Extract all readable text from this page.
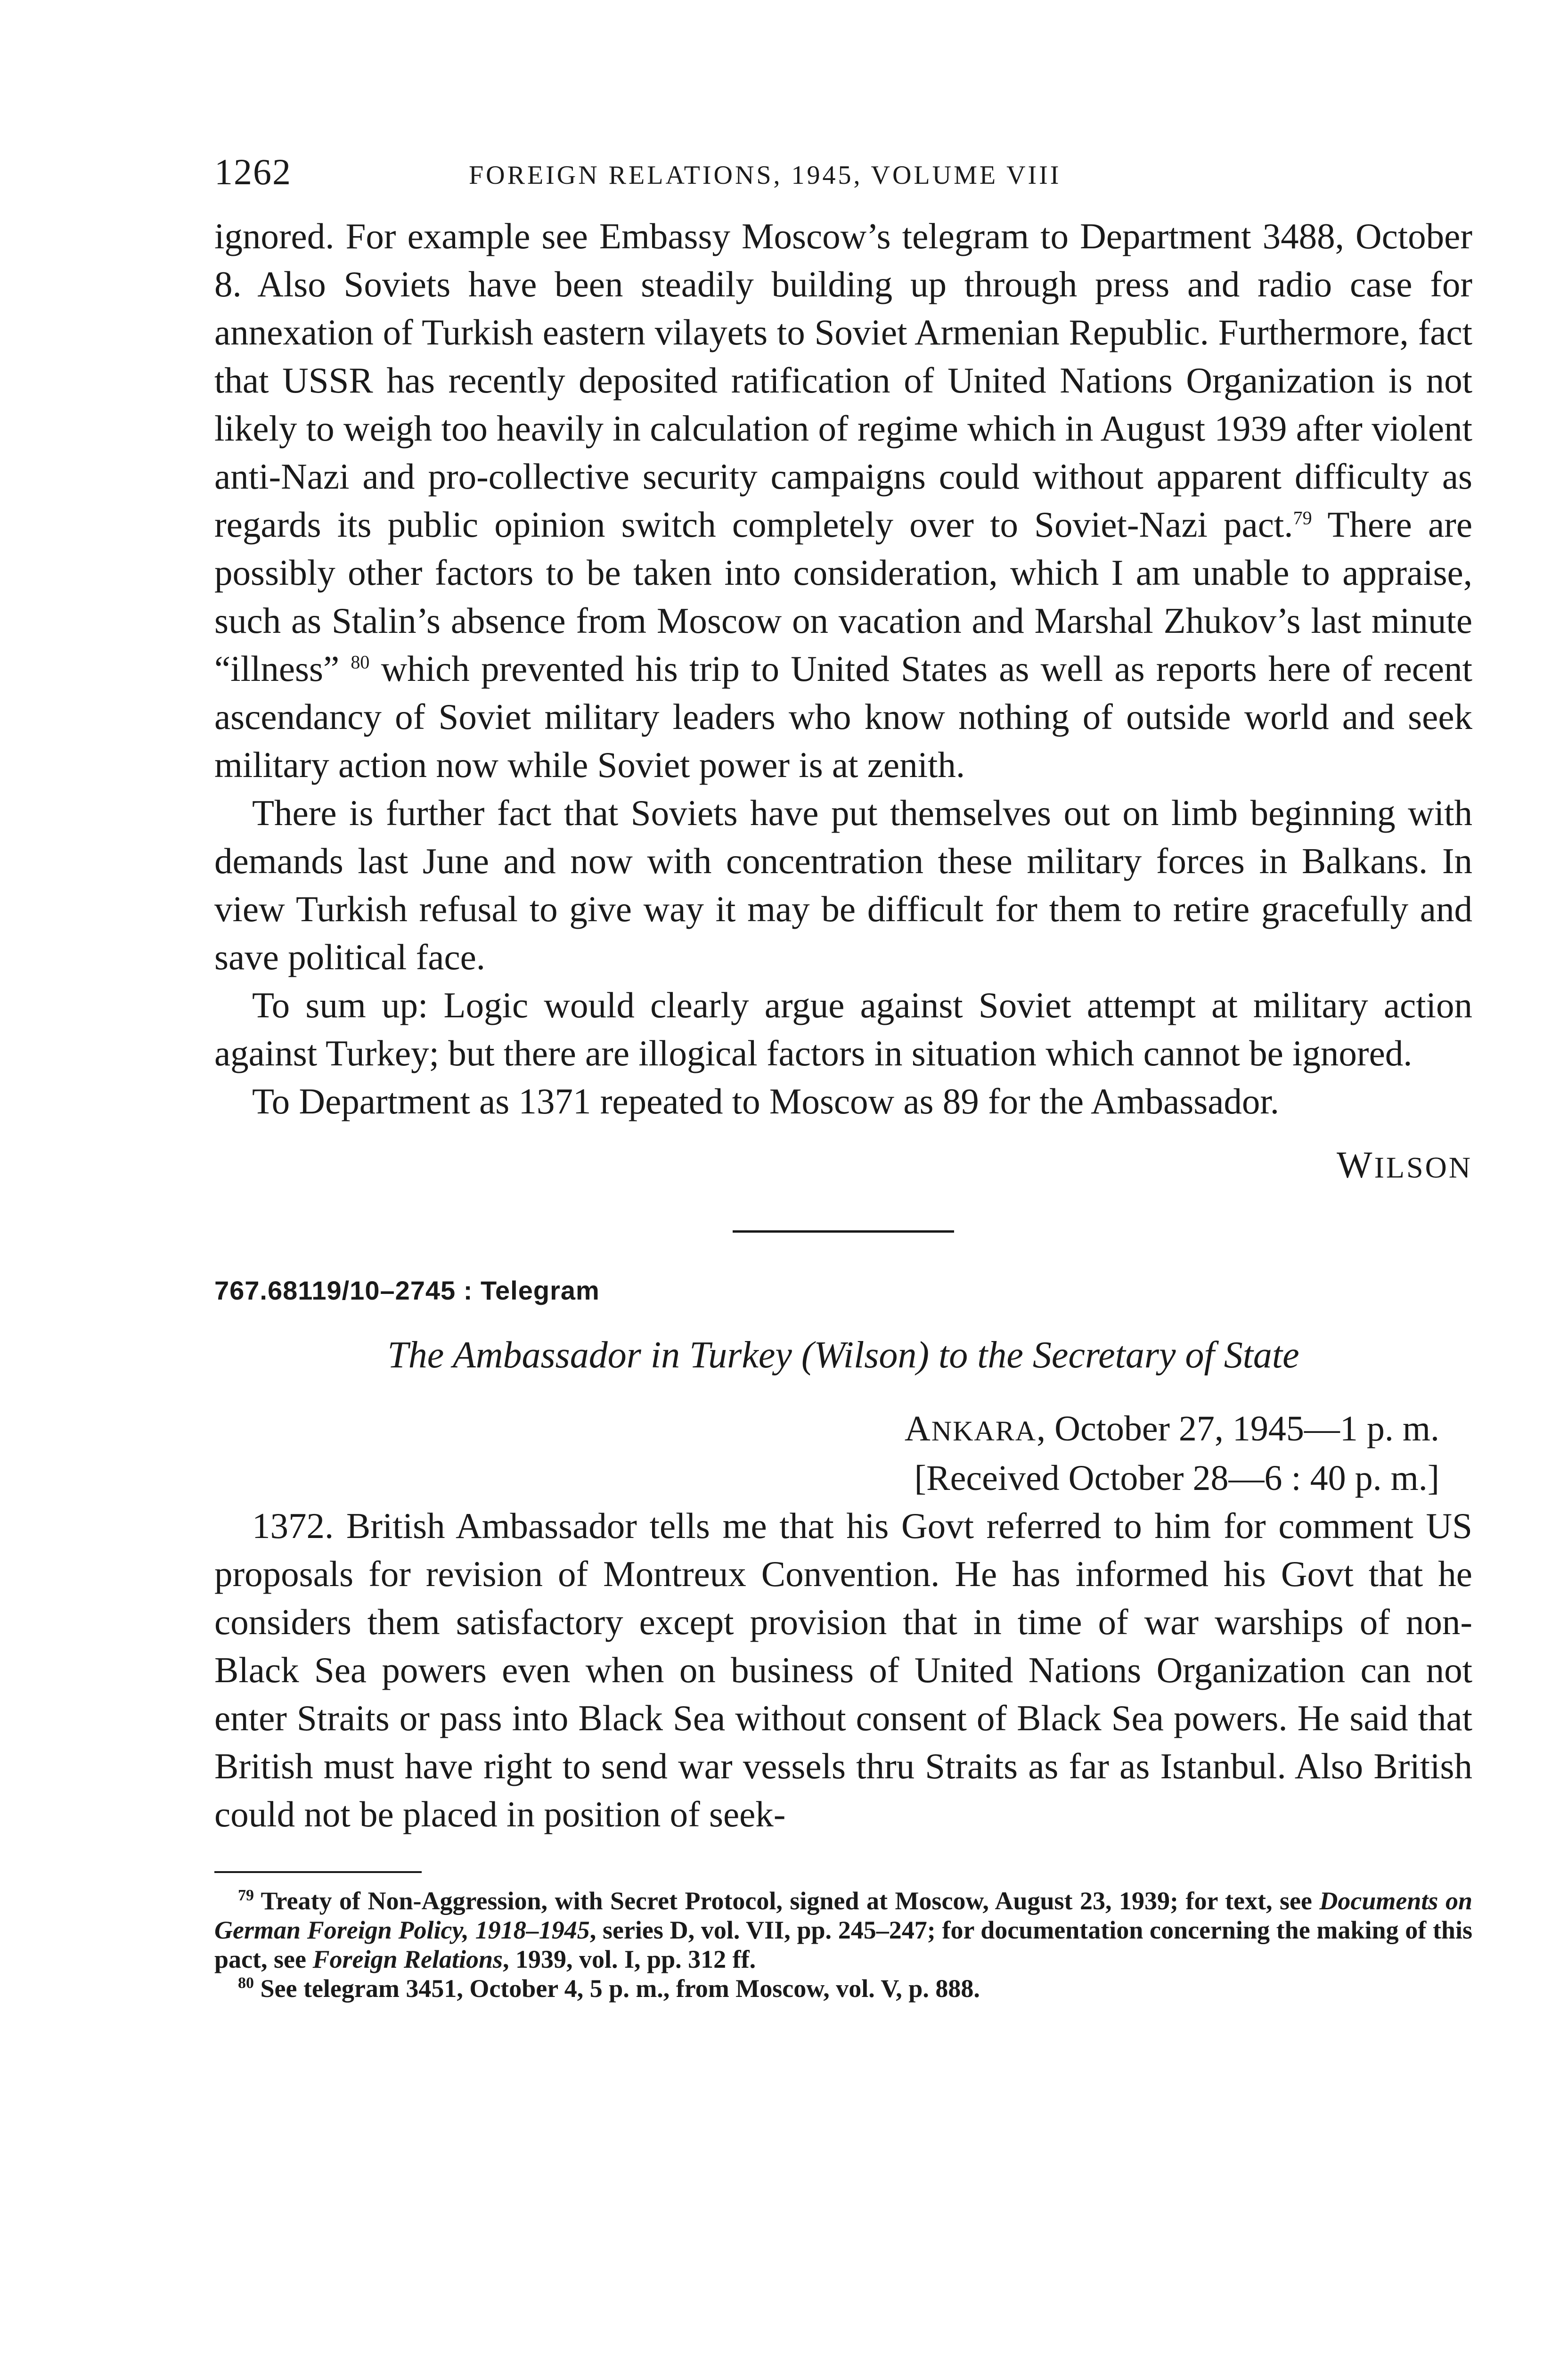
1262	FOREIGN RELATIONS, 1945, VOLUME VIII

ignored. For example see Embassy Moscow’s telegram to Department 3488, October 8. Also Soviets have been steadily building up through press and radio case for annexation of Turkish eastern vilayets to Soviet Armenian Republic. Furthermore, fact that USSR has recently deposited ratification of United Nations Organization is not likely to weigh too heavily in calculation of regime which in August 1939 after violent anti-Nazi and pro-collective security campaigns could without apparent difficulty as regards its public opinion switch completely over to Soviet-Nazi pact.$^{79}$ There are possibly other factors to be taken into consideration, which I am unable to appraise, such as Stalin’s absence from Moscow on vacation and Marshal Zhukov’s last minute “illness” $^{80}$ which prevented his trip to United States as well as reports here of recent ascendancy of Soviet military leaders who know nothing of outside world and seek military action now while Soviet power is at zenith.

There is further fact that Soviets have put themselves out on limb beginning with demands last June and now with concentration these military forces in Balkans. In view Turkish refusal to give way it may be difficult for them to retire gracefully and save political face.

To sum up: Logic would clearly argue against Soviet attempt at military action against Turkey; but there are illogical factors in situation which cannot be ignored.

To Department as 1371 repeated to Moscow as 89 for the Ambassador.

WILSON
767.68119/10–2745 : Telegram
The Ambassador in Turkey (Wilson) to the Secretary of State
ANKARA, October 27, 1945—1 p. m.
[Received October 28—6 : 40 p. m.]

1372. British Ambassador tells me that his Govt referred to him for comment US proposals for revision of Montreux Convention. He has informed his Govt that he considers them satisfactory except provision that in time of war warships of non-Black Sea powers even when on business of United Nations Organization can not enter Straits or pass into Black Sea without consent of Black Sea powers. He said that British must have right to send war vessels thru Straits as far as Istanbul. Also British could not be placed in position of seek-

$^{79}$ Treaty of Non-Aggression, with Secret Protocol, signed at Moscow, August 23, 1939; for text, see Documents on German Foreign Policy, 1918–1945, series D, vol. VII, pp. 245–247; for documentation concerning the making of this pact, see Foreign Relations, 1939, vol. I, pp. 312 ff.

$^{80}$ See telegram 3451, October 4, 5 p. m., from Moscow, vol. V, p. 888.
